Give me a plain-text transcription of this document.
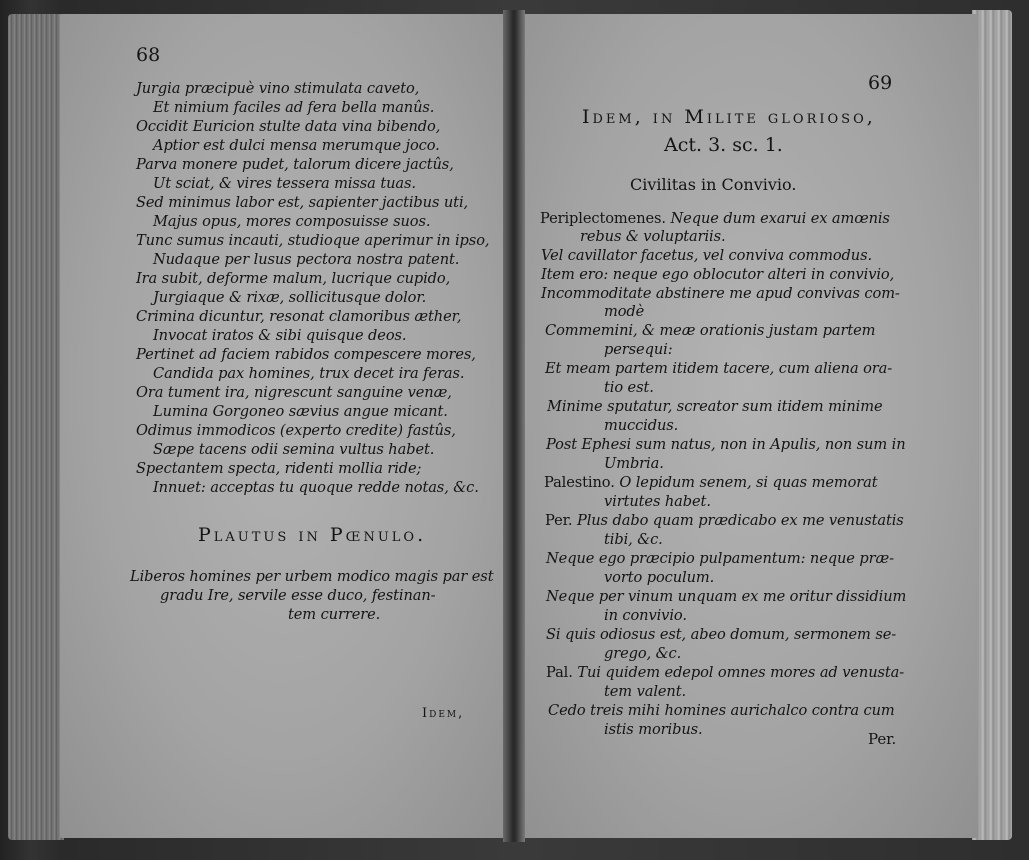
68
Jurgia præcipuè vino stimulata caveto,
Et nimium faciles ad fera bella manûs.
Occidit Euricion stulte data vina bibendo,
Aptior est dulci mensa merumque joco.
Parva monere pudet, talorum dicere jactûs,
Ut sciat, & vires tessera missa tuas.
Sed minimus labor est, sapienter jactibus uti,
Majus opus, mores composuisse suos.
Tunc sumus incauti, studioque aperimur in ipso,
Nudaque per lusus pectora nostra patent.
Ira subit, deforme malum, lucrique cupido,
Jurgiaque & rixæ, sollicitusque dolor.
Crimina dicuntur, resonat clamoribus æther,
Invocat iratos & sibi quisque deos.
Pertinet ad faciem rabidos compescere mores,
Candida pax homines, trux decet ira feras.
Ora tument ira, nigrescunt sanguine venæ,
Lumina Gorgoneo sævius angue micant.
Odimus immodicos (experto credite) fastûs,
Sæpe tacens odii semina vultus habet.
Spectantem specta, ridenti mollia ride;
Innuet: acceptas tu quoque redde notas, &c.
Plautus in Pœnulo.
Liberos homines per urbem modico magis par est
gradu Ire, servile esse duco, festinan-
tem currere.
Idem,
69
Idem, in Milite glorioso,
Act. 3. sc. 1.
Civilitas in Convivio.
Periplectomenes. Neque dum exarui ex amœnis
rebus & voluptariis.
Vel cavillator facetus, vel conviva commodus.
Item ero: neque ego oblocutor alteri in convivio,
Incommoditate abstinere me apud convivas com-
modè
Commemini, & meæ orationis justam partem
persequi:
Et meam partem itidem tacere, cum aliena ora-
tio est.
Minime sputatur, screator sum itidem minime
muccidus.
Post Ephesi sum natus, non in Apulis, non sum in
Umbria.
Palestino. O lepidum senem, si quas memorat
virtutes habet.
Per. Plus dabo quam prædicabo ex me venustatis
tibi, &c.
Neque ego præcipio pulpamentum: neque præ-
vorto poculum.
Neque per vinum unquam ex me oritur dissidium
in convivio.
Si quis odiosus est, abeo domum, sermonem se-
grego, &c.
Pal. Tui quidem edepol omnes mores ad venusta-
tem valent.
Cedo treis mihi homines aurichalco contra cum
istis moribus.
Per.
